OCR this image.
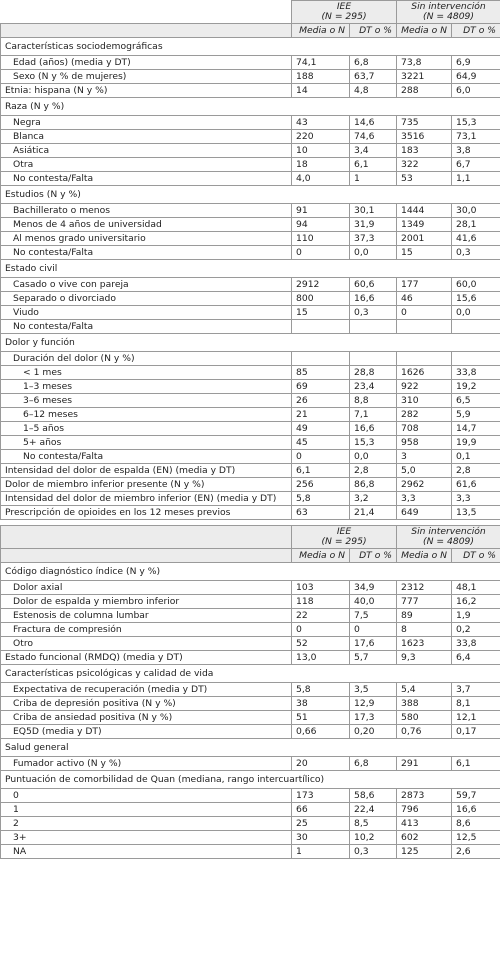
	IEE
(N = 295)		Sin intervención
(N = 4809)	
	Media o N	DT o %	Media o N	DT o %
Características sociodemográficas				
Edad (años) (media y DT)	74,1	6,8	73,8	6,9
Sexo (N y % de mujeres)	188	63,7	3221	64,9
Etnia: hispana (N y %)	14	4,8	288	6,0
Raza (N y %)				
Negra	43	14,6	735	15,3
Blanca	220	74,6	3516	73,1
Asiática	10	3,4	183	3,8
Otra	18	6,1	322	6,7
No contesta/Falta	4,0	1	53	1,1
Estudios (N y %)				
Bachillerato o menos	91	30,1	1444	30,0
Menos de 4 años de universidad	94	31,9	1349	28,1
Al menos grado universitario	110	37,3	2001	41,6
No contesta/Falta	0	0,0	15	0,3
Estado civil				
Casado o vive con pareja	2912	60,6	177	60,0
Separado o divorciado	800	16,6	46	15,6
Viudo	15	0,3	0	0,0
No contesta/Falta				
Dolor y función				
Duración del dolor (N y %)				
< 1 mes	85	28,8	1626	33,8
1–3 meses	69	23,4	922	19,2
3–6 meses	26	8,8	310	6,5
6–12 meses	21	7,1	282	5,9
1–5 años	49	16,6	708	14,7
5+ años	45	15,3	958	19,9
No contesta/Falta	0	0,0	3	0,1
Intensidad del dolor de espalda (EN) (media y DT)	6,1	2,8	5,0	2,8
Dolor de miembro inferior presente (N y %)	256	86,8	2962	61,6
Intensidad del dolor de miembro inferior (EN) (media y DT)	5,8	3,2	3,3	3,3
Prescripción de opioides en los 12 meses previos	63	21,4	649	13,5
	IEE
(N = 295)		Sin intervención
(N = 4809)	
	Media o N	DT o %	Media o N	DT o %
Código diagnóstico índice (N y %)				
Dolor axial	103	34,9	2312	48,1
Dolor de espalda y miembro inferior	118	40,0	777	16,2
Estenosis de columna lumbar	22	7,5	89	1,9
Fractura de compresión	0	0	8	0,2
Otro	52	17,6	1623	33,8
Estado funcional (RMDQ) (media y DT)	13,0	5,7	9,3	6,4
Características psicológicas y calidad de vida				
Expectativa de recuperación (media y DT)	5,8	3,5	5,4	3,7
Criba de depresión positiva (N y %)	38	12,9	388	8,1
Criba de ansiedad positiva (N y %)	51	17,3	580	12,1
EQ5D (media y DT)	0,66	0,20	0,76	0,17
Salud general				
Fumador activo (N y %)	20	6,8	291	6,1
Puntuación de comorbilidad de Quan (mediana, rango intercuartílico)				
0	173	58,6	2873	59,7
1	66	22,4	796	16,6
2	25	8,5	413	8,6
3+	30	10,2	602	12,5
NA	1	0,3	125	2,6
